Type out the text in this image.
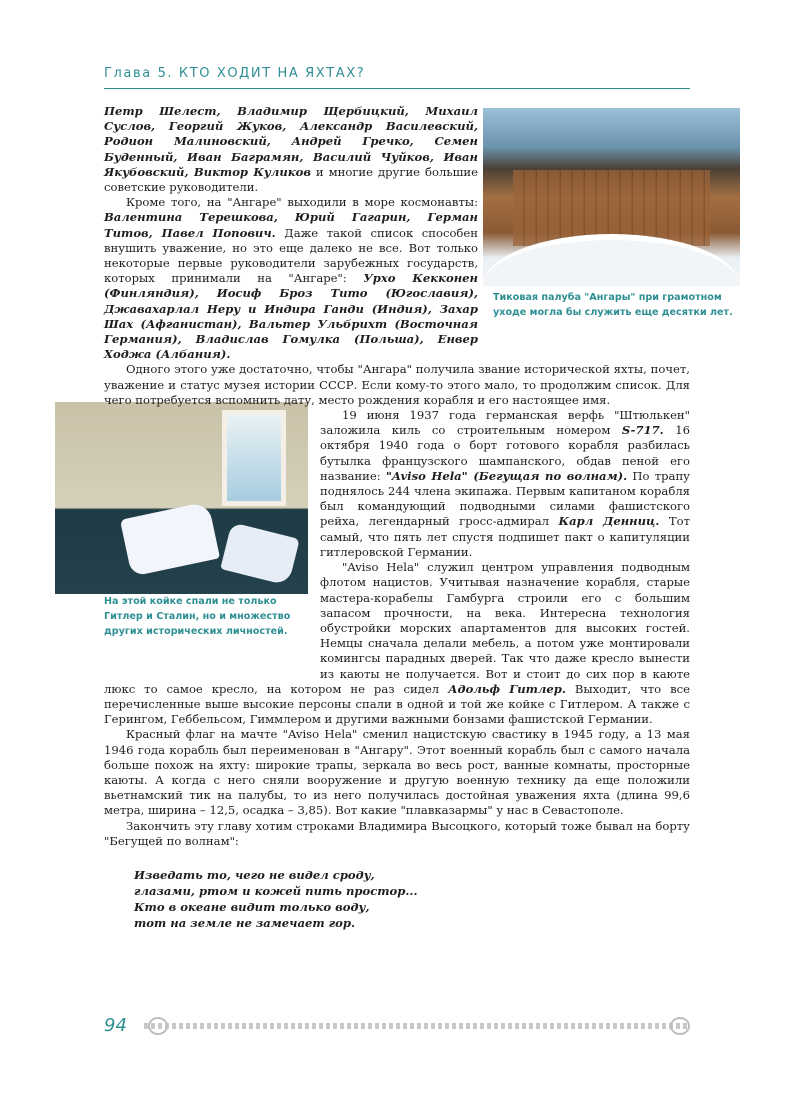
Глава 5. КТО ХОДИТ НА ЯХТАХ?
Тиковая палуба "Ангары" при грамотном уходе могла бы служить еще десятки лет.
На этой койке спали не только Гитлер и Сталин, но и множество других исторических личностей.

Петр Шелест, Владимир Щербицкий, Михаил Суслов, Георгий Жуков, Александр Василевский, Родион Малиновский, Андрей Гречко, Семен Буденный, Иван Баграмян, Василий Чуйков, Иван Якубовский, Виктор Куликов и многие другие большие советские руководители.

Кроме того, на "Ангаре" выходили в море космонавты: Валентина Терешкова, Юрий Гагарин, Герман Титов, Павел Попович. Даже такой список способен внушить уважение, но это еще далеко не все. Вот только некоторые первые руководители зарубежных государств, которых принимали на "Ангаре": Урхо Кекконен (Финляндия), Иосиф Броз Тито (Югославия), Джавахарлал Неру и Индира Ганди (Индия), Захар Шах (Афганистан), Вальтер Ульбрихт (Восточная Германия), Владислав Гомулка (Польша), Енвер Ходжа (Албания).

Одного этого уже достаточно, чтобы "Ангара" получила звание исторической яхты, почет, уважение и статус музея истории СССР. Если кому-то этого мало, то продолжим список. Для чего потребуется вспомнить дату, место рождения корабля и его настоящее имя.

19 июня 1937 года германская верфь "Штюлькен" заложила киль со строительным номером S-717. 16 октября 1940 года о борт готового корабля разбилась бутылка французского шампанского, обдав пеной его название: "Aviso Hela" (Бегущая по волнам). По трапу поднялось 244 члена экипажа. Первым капитаном корабля был командующий подводными силами фашистского рейха, легендарный гросс-адмирал Карл Денниц. Тот самый, что пять лет спустя подпишет пакт о капитуляции гитлеровской Германии.

"Aviso Hela" служил центром управления подводным флотом нацистов. Учитывая назначение корабля, старые мастера-корабелы Гамбурга строили его с большим запасом прочности, на века. Интересна технология обустройки морских апартаментов для высоких гостей. Немцы сначала делали мебель, а потом уже монтировали комингсы парадных дверей. Так что даже кресло вынести из каюты не получается. Вот и стоит до сих пор в каюте люкс то самое кресло, на котором не раз сидел Адольф Гитлер. Выходит, что все перечисленные выше высокие персоны спали в одной и той же койке с Гитлером. А также с Герингом, Геббельсом, Гиммлером и другими важными бонзами фашистской Германии.

Красный флаг на мачте "Aviso Hela" сменил нацистскую свастику в 1945 году, а 13 мая 1946 года корабль был переименован в "Ангару". Этот военный корабль был с самого начала больше похож на яхту: широкие трапы, зеркала во весь рост, ванные комнаты, просторные каюты. А когда с него сняли вооружение и другую военную технику да еще положили вьетнамский тик на палубы, то из него получилась достойная уважения яхта (длина 99,6 метра, ширина – 12,5, осадка – 3,85). Вот какие "плавказармы" у нас в Севастополе.

Закончить эту главу хотим строками Владимира Высоцкого, который тоже бывал на борту "Бегущей по волнам":

Изведать то, чего не видел сроду,
глазами, ртом и кожей пить простор...
Кто в океане видит только воду,
тот на земле не замечает гор.
94
